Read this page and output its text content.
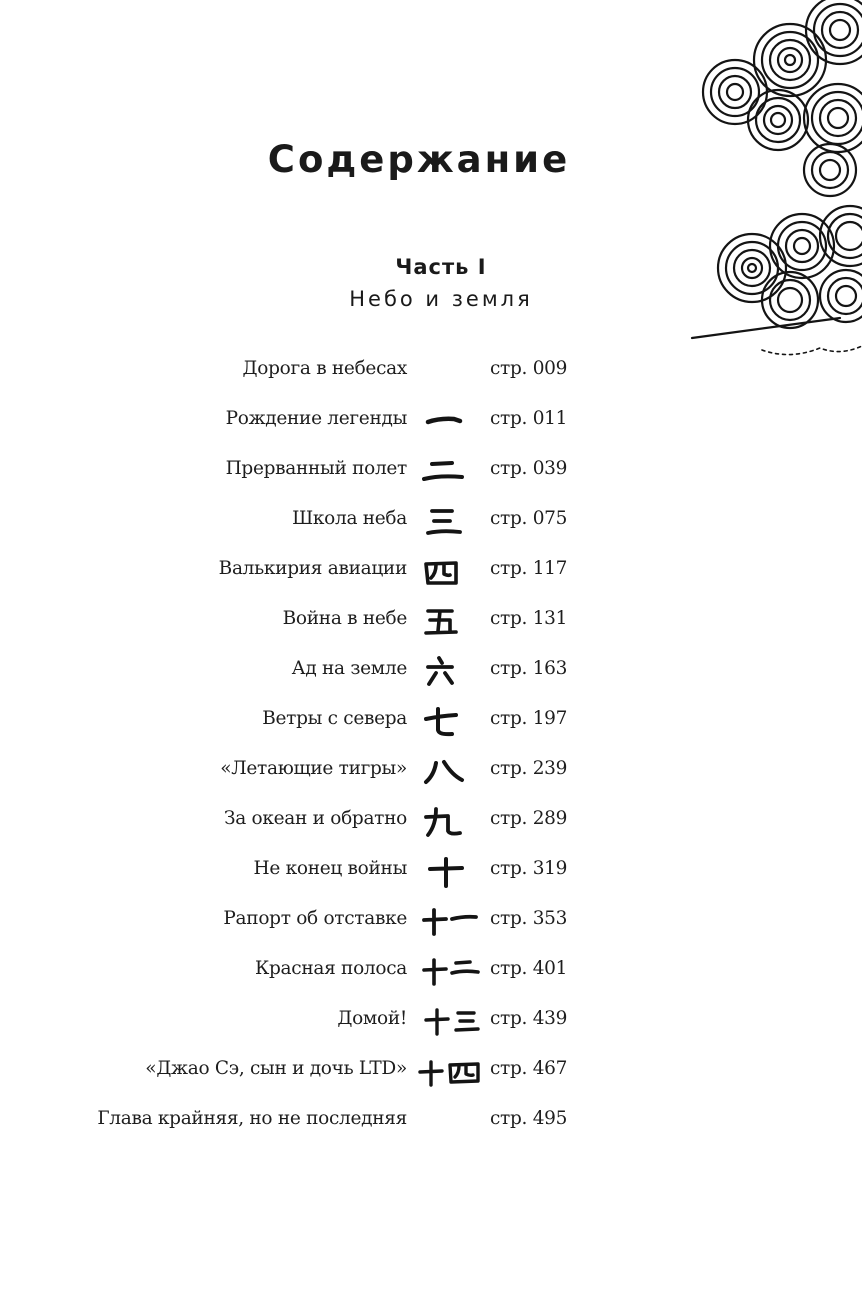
Содержание
Часть I
Небо и земля
Дорога в небесах	стр. 009
Рождение легенды	стр. 011
Прерванный полет	стр. 039
Школа неба	стр. 075
Валькирия авиации	стр. 117
Война в небе	стр. 131
Ад на земле	стр. 163
Ветры с севера	стр. 197
«Летающие тигры»	стр. 239
За океан и обратно	стр. 289
Не конец войны	стр. 319
Рапорт об отставке	стр. 353
Красная полоса	стр. 401
Домой!	стр. 439
«Джао Сэ, сын и дочь LTD»	стр. 467
Глава крайняя, но не последняя	стр. 495
